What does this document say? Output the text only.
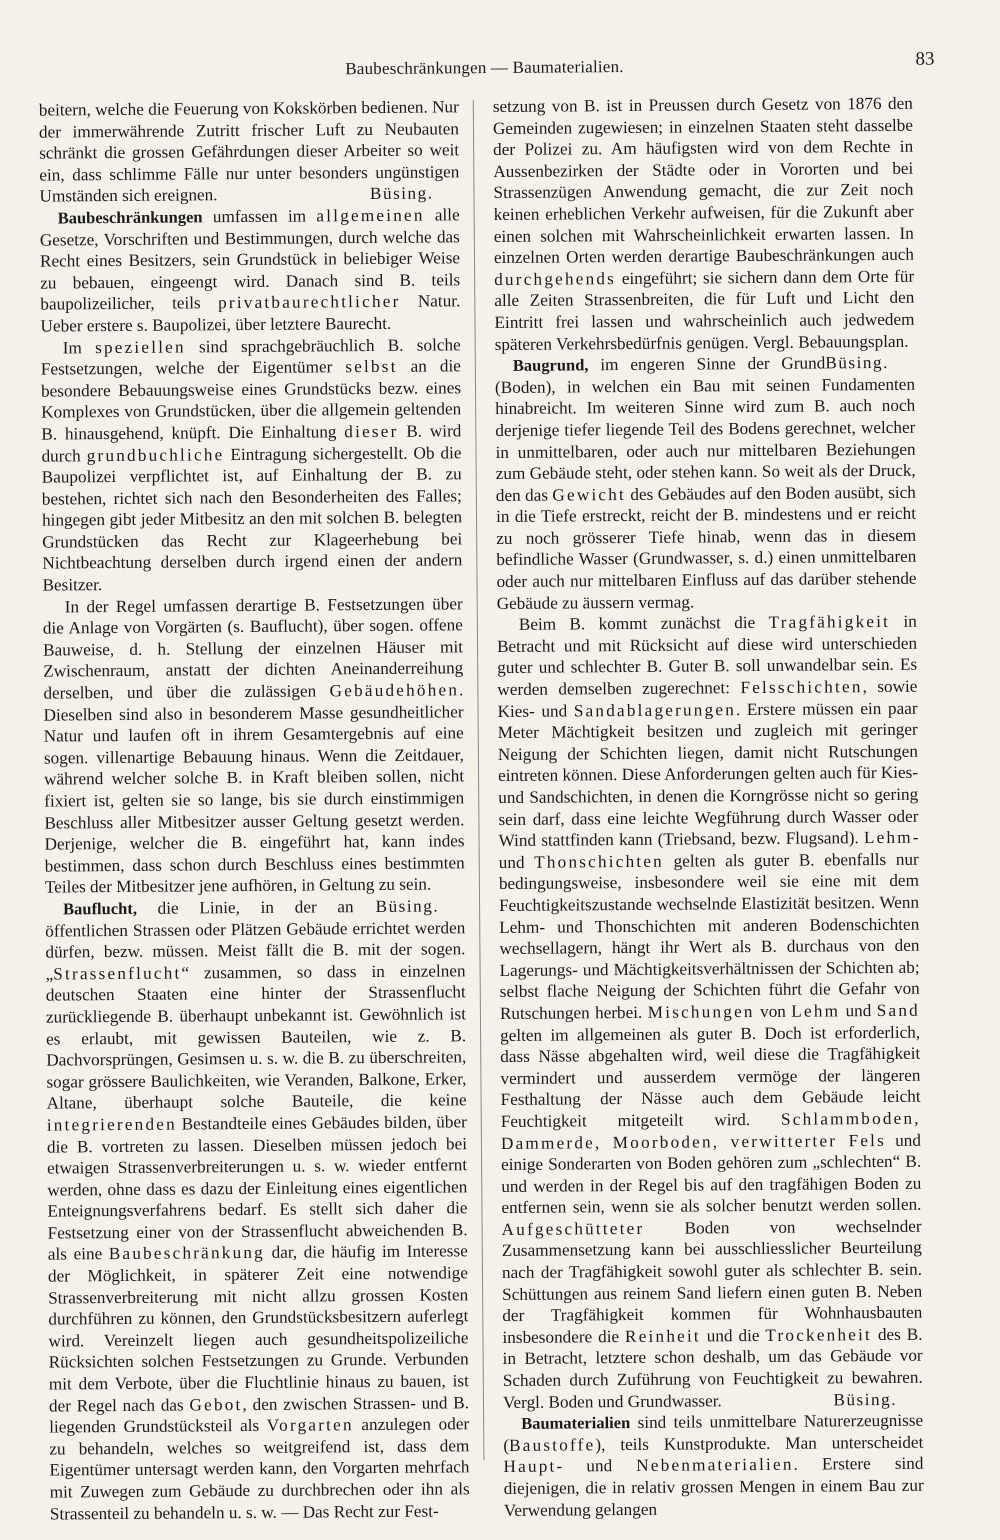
Baubeschränkungen — Baumaterialien.	83

beitern, welche die Feuerung von Kokskörben bedienen. Nur der immerwährende Zutritt frischer Luft zu Neubauten schränkt die grossen Gefährdungen dieser Arbeiter so weit ein, dass schlimme Fälle nur unter besonders ungünstigen Umständen sich ereignen.	Büsing.

Baubeschränkungen umfassen im allgemeinen alle Gesetze, Vorschriften und Bestimmungen, durch welche das Recht eines Besitzers, sein Grundstück in beliebiger Weise zu bebauen, eingeengt wird. Danach sind B. teils baupolizeilicher, teils privatbaurechtlicher Natur. Ueber erstere s. Baupolizei, über letztere Baurecht.

Im speziellen sind sprachgebräuchlich B. solche Festsetzungen, welche der Eigentümer selbst an die besondere Bebauungsweise eines Grundstücks bezw. eines Komplexes von Grundstücken, über die allgemein geltenden B. hinausgehend, knüpft. Die Einhaltung dieser B. wird durch grundbuchliche Eintragung sichergestellt. Ob die Baupolizei verpflichtet ist, auf Einhaltung der B. zu bestehen, richtet sich nach den Besonderheiten des Falles; hingegen gibt jeder Mitbesitz an den mit solchen B. belegten Grundstücken das Recht zur Klageerhebung bei Nichtbeachtung derselben durch irgend einen der andern Besitzer.

In der Regel umfassen derartige B. Festsetzungen über die Anlage von Vorgärten (s. Bauflucht), über sogen. offene Bauweise, d. h. Stellung der einzelnen Häuser mit Zwischenraum, anstatt der dichten Aneinanderreihung derselben, und über die zulässigen Gebäudehöhen. Dieselben sind also in besonderem Masse gesundheitlicher Natur und laufen oft in ihrem Gesamtergebnis auf eine sogen. villenartige Bebauung hinaus. Wenn die Zeitdauer, während welcher solche B. in Kraft bleiben sollen, nicht fixiert ist, gelten sie so lange, bis sie durch einstimmigen Beschluss aller Mitbesitzer ausser Geltung gesetzt werden. Derjenige, welcher die B. eingeführt hat, kann indes bestimmen, dass schon durch Beschluss eines bestimmten Teiles der Mitbesitzer jene aufhören, in Geltung zu sein.
Büsing.

Bauflucht, die Linie, in der an öffentlichen Strassen oder Plätzen Gebäude errichtet werden dürfen, bezw. müssen. Meist fällt die B. mit der sogen. „Strassenflucht“ zusammen, so dass in einzelnen deutschen Staaten eine hinter der Strassenflucht zurückliegende B. überhaupt unbekannt ist. Gewöhnlich ist es erlaubt, mit gewissen Bauteilen, wie z. B. Dachvorsprüngen, Gesimsen u. s. w. die B. zu überschreiten, sogar grössere Baulichkeiten, wie Veranden, Balkone, Erker, Altane, überhaupt solche Bauteile, die keine integrierenden Bestandteile eines Gebäudes bilden, über die B. vortreten zu lassen. Dieselben müssen jedoch bei etwaigen Strassenverbreiterungen u. s. w. wieder entfernt werden, ohne dass es dazu der Einleitung eines eigentlichen Enteignungsverfahrens bedarf. Es stellt sich daher die Festsetzung einer von der Strassenflucht abweichenden B. als eine Baubeschränkung dar, die häufig im Interesse der Möglichkeit, in späterer Zeit eine notwendige Strassenverbreiterung mit nicht allzu grossen Kosten durchführen zu können, den Grundstücksbesitzern auferlegt wird. Vereinzelt liegen auch gesundheitspolizeiliche Rücksichten solchen Festsetzungen zu Grunde. Verbunden mit dem Verbote, über die Fluchtlinie hinaus zu bauen, ist der Regel nach das Gebot, den zwischen Strassen- und B. liegenden Grundstücksteil als Vorgarten anzulegen oder zu behandeln, welches so weitgreifend ist, dass dem Eigentümer untersagt werden kann, den Vorgarten mehrfach mit Zuwegen zum Gebäude zu durchbrechen oder ihn als Strassenteil zu behandeln u. s. w. — Das Recht zur Fest-

setzung von B. ist in Preussen durch Gesetz von 1876 den Gemeinden zugewiesen; in einzelnen Staaten steht dasselbe der Polizei zu. Am häufigsten wird von dem Rechte in Aussenbezirken der Städte oder in Vororten und bei Strassenzügen Anwendung gemacht, die zur Zeit noch keinen erheblichen Verkehr aufweisen, für die Zukunft aber einen solchen mit Wahrscheinlichkeit erwarten lassen. In einzelnen Orten werden derartige Baubeschränkungen auch durchgehends eingeführt; sie sichern dann dem Orte für alle Zeiten Strassenbreiten, die für Luft und Licht den Eintritt frei lassen und wahrscheinlich auch jedwedem späteren Verkehrsbedürfnis genügen. Vergl. Bebauungsplan.
Büsing.

Baugrund, im engeren Sinne der Grund (Boden), in welchen ein Bau mit seinen Fundamenten hinabreicht. Im weiteren Sinne wird zum B. auch noch derjenige tiefer liegende Teil des Bodens gerechnet, welcher in unmittelbaren, oder auch nur mittelbaren Beziehungen zum Gebäude steht, oder stehen kann. So weit als der Druck, den das Gewicht des Gebäudes auf den Boden ausübt, sich in die Tiefe erstreckt, reicht der B. mindestens und er reicht zu noch grösserer Tiefe hinab, wenn das in diesem befindliche Wasser (Grundwasser, s. d.) einen unmittelbaren oder auch nur mittelbaren Einfluss auf das darüber stehende Gebäude zu äussern vermag.

Beim B. kommt zunächst die Tragfähigkeit in Betracht und mit Rücksicht auf diese wird unterschieden guter und schlechter B. Guter B. soll unwandelbar sein. Es werden demselben zugerechnet: Felsschichten, sowie Kies- und Sandablagerungen. Erstere müssen ein paar Meter Mächtigkeit besitzen und zugleich mit geringer Neigung der Schichten liegen, damit nicht Rutschungen eintreten können. Diese Anforderungen gelten auch für Kies- und Sandschichten, in denen die Korngrösse nicht so gering sein darf, dass eine leichte Wegführung durch Wasser oder Wind stattfinden kann (Triebsand, bezw. Flugsand). Lehm- und Thonschichten gelten als guter B. ebenfalls nur bedingungsweise, insbesondere weil sie eine mit dem Feuchtigkeitszustande wechselnde Elastizität besitzen. Wenn Lehm- und Thonschichten mit anderen Bodenschichten wechsellagern, hängt ihr Wert als B. durchaus von den Lagerungs- und Mächtigkeitsverhältnissen der Schichten ab; selbst flache Neigung der Schichten führt die Gefahr von Rutschungen herbei. Mischungen von Lehm und Sand gelten im allgemeinen als guter B. Doch ist erforderlich, dass Nässe abgehalten wird, weil diese die Tragfähigkeit vermindert und ausserdem vermöge der längeren Festhaltung der Nässe auch dem Gebäude leicht Feuchtigkeit mitgeteilt wird. Schlammboden, Dammerde, Moorboden, verwitterter Fels und einige Sonderarten von Boden gehören zum „schlechten“ B. und werden in der Regel bis auf den tragfähigen Boden zu entfernen sein, wenn sie als solcher benutzt werden sollen. Aufgeschütteter Boden von wechselnder Zusammensetzung kann bei ausschliesslicher Beurteilung nach der Tragfähigkeit sowohl guter als schlechter B. sein. Schüttungen aus reinem Sand liefern einen guten B. Neben der Tragfähigkeit kommen für Wohnhausbauten insbesondere die Reinheit und die Trockenheit des B. in Betracht, letztere schon deshalb, um das Gebäude vor Schaden durch Zuführung von Feuchtigkeit zu bewahren. Vergl. Boden und Grundwasser.	Büsing.

Baumaterialien sind teils unmittelbare Naturerzeugnisse (Baustoffe), teils Kunstprodukte. Man unterscheidet Haupt- und Nebenmaterialien. Erstere sind diejenigen, die in relativ grossen Mengen in einem Bau zur Verwendung gelangen
